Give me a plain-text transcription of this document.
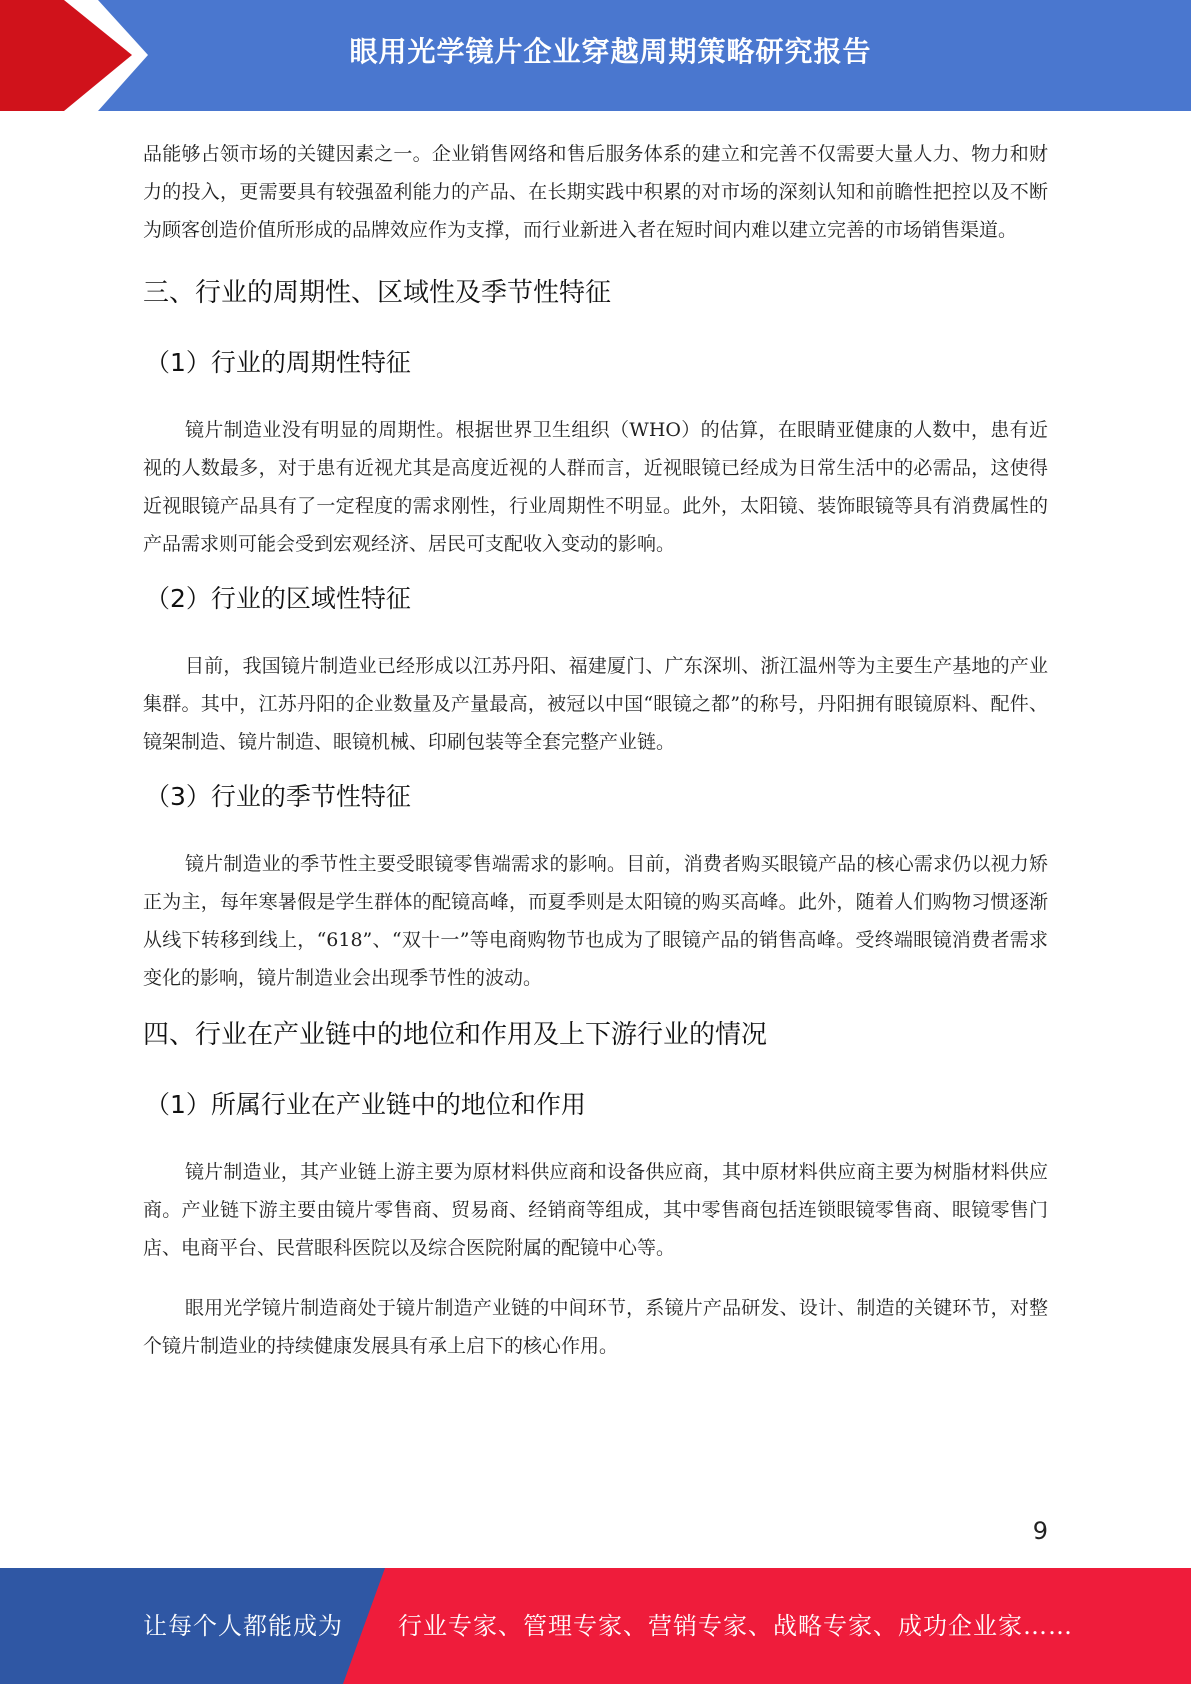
眼用光学镜片企业穿越周期策略研究报告

品能够占领市场的关键因素之一。企业销售网络和售后服务体系的建立和完善不仅需要大量人力、物力和财力的投入，更需要具有较强盈利能力的产品、在长期实践中积累的对市场的深刻认知和前瞻性把控以及不断为顾客创造价值所形成的品牌效应作为支撑，而行业新进入者在短时间内难以建立完善的市场销售渠道。

三、行业的周期性、区域性及季节性特征
（1）行业的周期性特征

镜片制造业没有明显的周期性。根据世界卫生组织（WHO）的估算，在眼睛亚健康的人数中，患有近视的人数最多，对于患有近视尤其是高度近视的人群而言，近视眼镜已经成为日常生活中的必需品，这使得近视眼镜产品具有了一定程度的需求刚性，行业周期性不明显。此外，太阳镜、装饰眼镜等具有消费属性的产品需求则可能会受到宏观经济、居民可支配收入变动的影响。

（2）行业的区域性特征

目前，我国镜片制造业已经形成以江苏丹阳、福建厦门、广东深圳、浙江温州等为主要生产基地的产业集群。其中，江苏丹阳的企业数量及产量最高，被冠以中国“眼镜之都”的称号，丹阳拥有眼镜原料、配件、镜架制造、镜片制造、眼镜机械、印刷包装等全套完整产业链。

（3）行业的季节性特征

镜片制造业的季节性主要受眼镜零售端需求的影响。目前，消费者购买眼镜产品的核心需求仍以视力矫正为主，每年寒暑假是学生群体的配镜高峰，而夏季则是太阳镜的购买高峰。此外，随着人们购物习惯逐渐从线下转移到线上，“618”、“双十一”等电商购物节也成为了眼镜产品的销售高峰。受终端眼镜消费者需求变化的影响，镜片制造业会出现季节性的波动。

四、行业在产业链中的地位和作用及上下游行业的情况
（1）所属行业在产业链中的地位和作用

镜片制造业，其产业链上游主要为原材料供应商和设备供应商，其中原材料供应商主要为树脂材料供应商。产业链下游主要由镜片零售商、贸易商、经销商等组成，其中零售商包括连锁眼镜零售商、眼镜零售门店、电商平台、民营眼科医院以及综合医院附属的配镜中心等。

眼用光学镜片制造商处于镜片制造产业链的中间环节，系镜片产品研发、设计、制造的关键环节，对整个镜片制造业的持续健康发展具有承上启下的核心作用。

9
让每个人都能成为 行业专家、管理专家、营销专家、战略专家、成功企业家……
